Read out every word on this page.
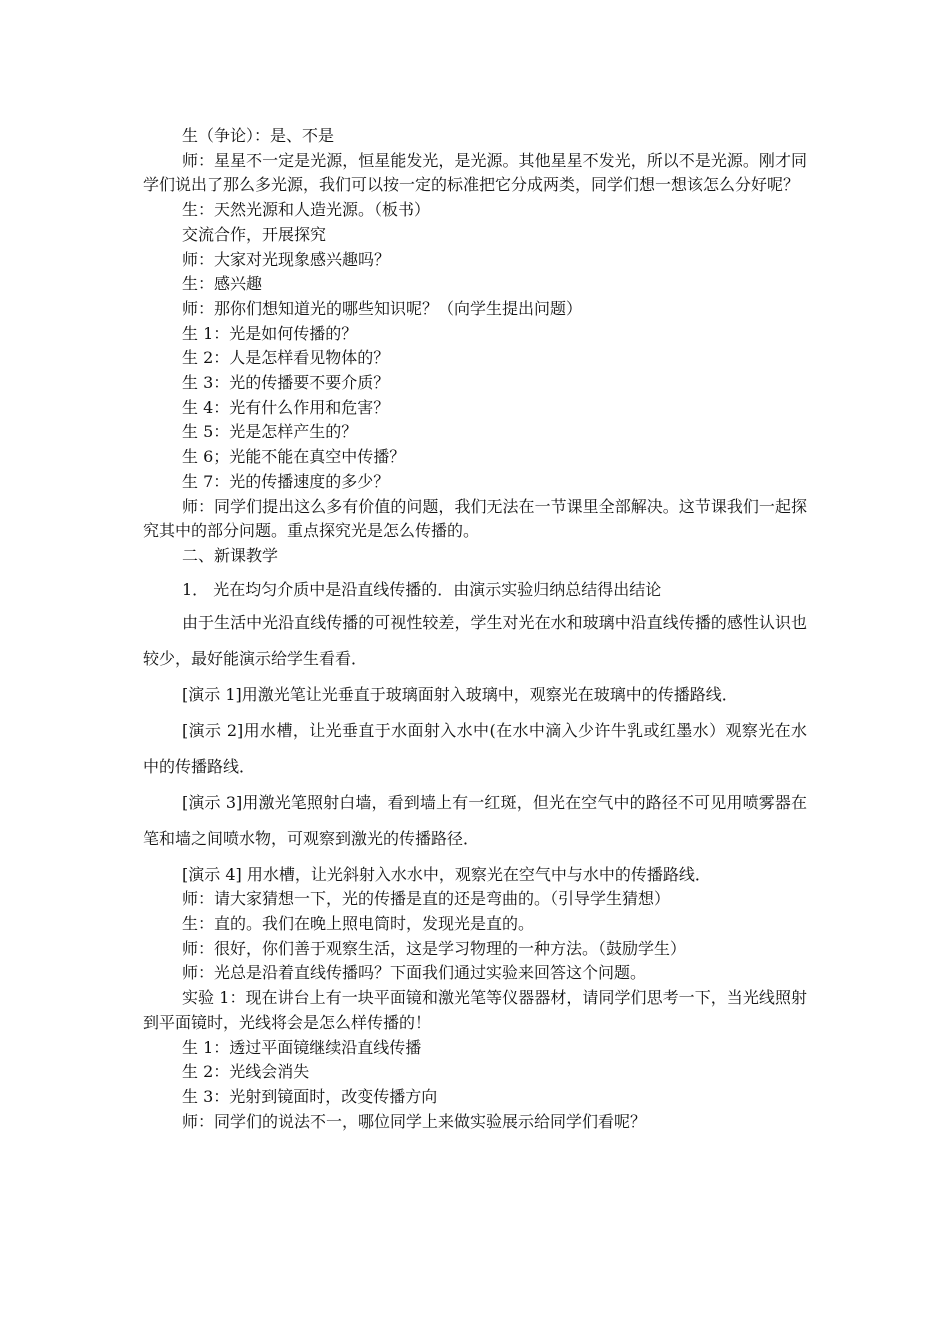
生（争论）：是、不是

师：星星不一定是光源，恒星能发光，是光源。其他星星不发光，所以不是光源。刚才同学们说出了那么多光源，我们可以按一定的标准把它分成两类，同学们想一想该怎么分好呢？

生：天然光源和人造光源。（板书）

交流合作，开展探究

师：大家对光现象感兴趣吗？

生：感兴趣

师：那你们想知道光的哪些知识呢？（向学生提出问题）

生 1：光是如何传播的？

生 2：人是怎样看见物体的？

生 3：光的传播要不要介质？

生 4：光有什么作用和危害？

生 5：光是怎样产生的？

生 6；光能不能在真空中传播？

生 7：光的传播速度的多少？

师：同学们提出这么多有价值的问题，我们无法在一节课里全部解决。这节课我们一起探究其中的部分问题。重点探究光是怎么传播的。

二、新课教学

1． 光在均匀介质中是沿直线传播的．由演示实验归纳总结得出结论

由于生活中光沿直线传播的可视性较差，学生对光在水和玻璃中沿直线传播的感性认识也较少，最好能演示给学生看看．

[演示 1]用激光笔让光垂直于玻璃面射入玻璃中，观察光在玻璃中的传播路线．

[演示 2]用水槽，让光垂直于水面射入水中(在水中滴入少许牛乳或红墨水）观察光在水中的传播路线．

[演示 3]用激光笔照射白墙，看到墙上有一红斑，但光在空气中的路径不可见用喷雾器在笔和墙之间喷水物，可观察到激光的传播路径．

[演示 4] 用水槽，让光斜射入水水中，观察光在空气中与水中的传播路线．

师：请大家猜想一下，光的传播是直的还是弯曲的。（引导学生猜想）

生：直的。我们在晚上照电筒时，发现光是直的。

师：很好，你们善于观察生活，这是学习物理的一种方法。（鼓励学生）

师：光总是沿着直线传播吗？下面我们通过实验来回答这个问题。

实验 1：现在讲台上有一块平面镜和激光笔等仪器器材，请同学们思考一下，当光线照射到平面镜时，光线将会是怎么样传播的！

生 1：透过平面镜继续沿直线传播

生 2：光线会消失

生 3：光射到镜面时，改变传播方向

师：同学们的说法不一，哪位同学上来做实验展示给同学们看呢？
